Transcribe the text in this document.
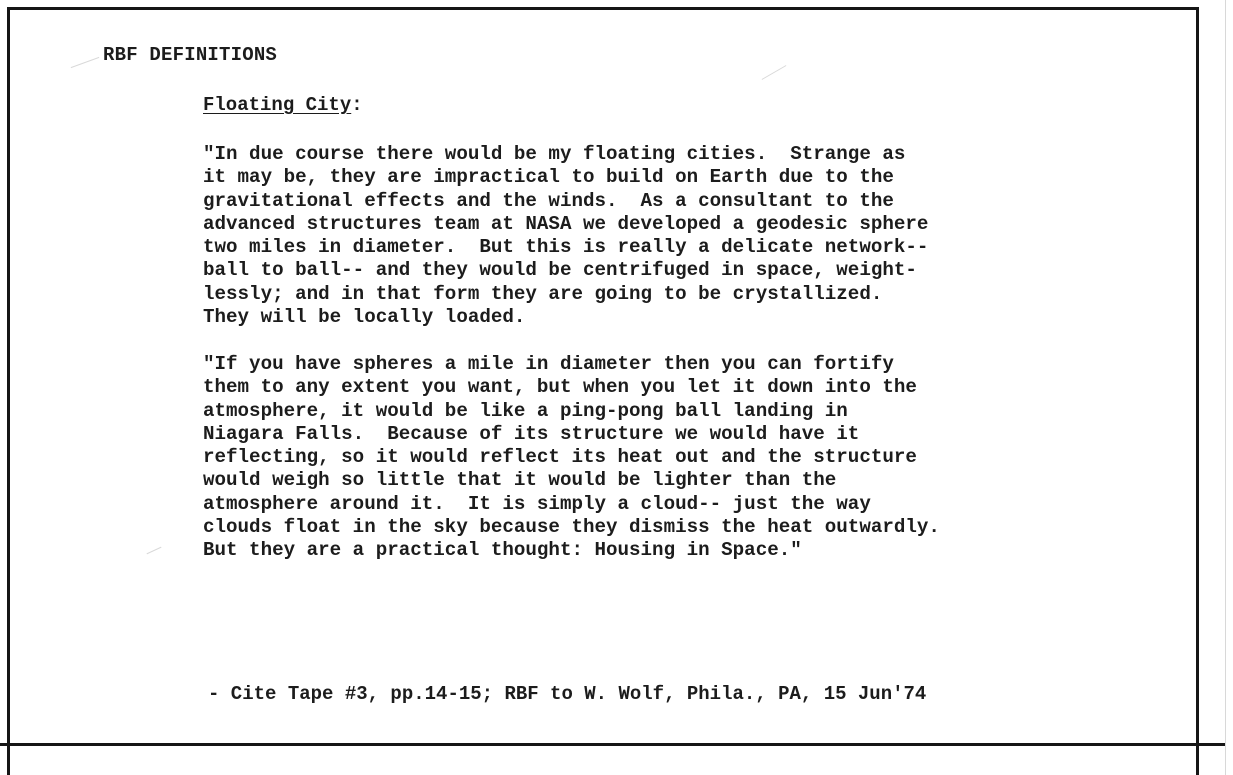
RBF DEFINITIONS
Floating City:

"In due course there would be my floating cities.  Strange as
it may be, they are impractical to build on Earth due to the
gravitational effects and the winds.  As a consultant to the
advanced structures team at NASA we developed a geodesic sphere
two miles in diameter.  But this is really a delicate network--
ball to ball-- and they would be centrifuged in space, weight-
lessly; and in that form they are going to be crystallized.
They will be locally loaded.

"If you have spheres a mile in diameter then you can fortify
them to any extent you want, but when you let it down into the
atmosphere, it would be like a ping-pong ball landing in
Niagara Falls.  Because of its structure we would have it
reflecting, so it would reflect its heat out and the structure
would weigh so little that it would be lighter than the
atmosphere around it.  It is simply a cloud-- just the way
clouds float in the sky because they dismiss the heat outwardly.
But they are a practical thought: Housing in Space."

- Cite Tape #3, pp.14-15; RBF to W. Wolf, Phila., PA, 15 Jun'74
